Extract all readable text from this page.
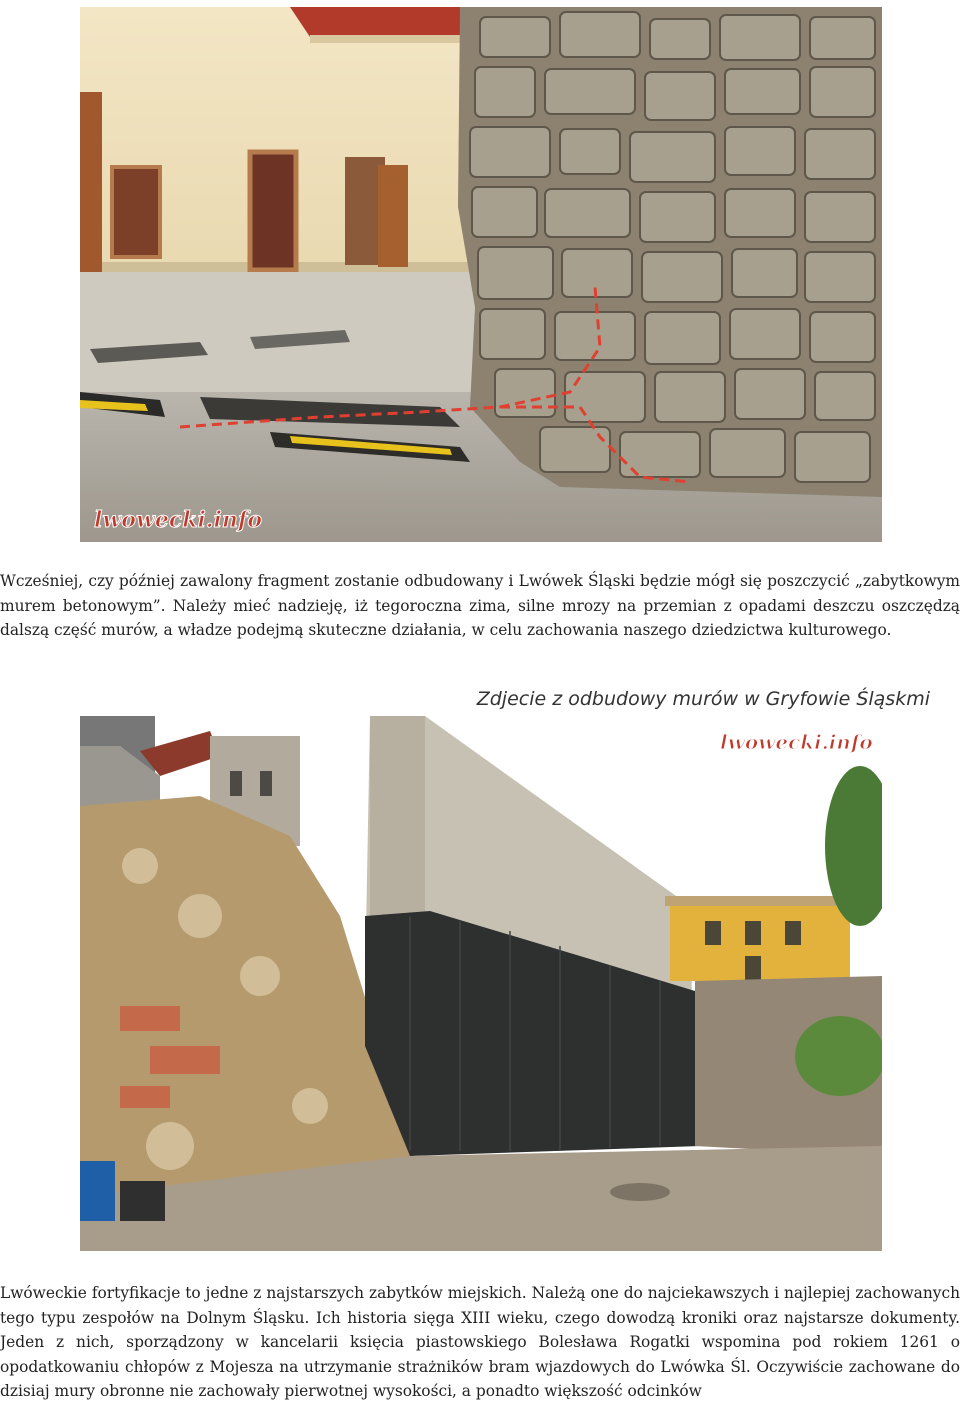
lwowecki.info

Wcześniej, czy później zawalony fragment zostanie odbudowany i Lwówek Śląski będzie mógł się poszczycić „zabytkowym murem betonowym”. Należy mieć nadzieję, iż tegoroczna zima, silne mrozy na przemian z opadami deszczu oszczędzą dalszą część murów, a władze podejmą skuteczne działania, w celu zachowania naszego dziedzictwa kulturowego.

Zdjecie z odbudowy murów w Gryfowie Śląskmi
lwowecki.info

Lwóweckie fortyfikacje to jedne z najstarszych zabytków miejskich. Należą one do najciekawszych i najlepiej zachowanych tego typu zespołów na Dolnym Śląsku. Ich historia sięga XIII wieku, czego dowodzą kroniki oraz najstarsze dokumenty. Jeden z nich, sporządzony w kancelarii księcia piastowskiego Bolesława Rogatki wspomina pod rokiem 1261 o opodatkowaniu chłopów z Mojesza na utrzymanie strażników bram wjazdowych do Lwówka Śl. Oczywiście zachowane do dzisiaj mury obronne nie zachowały pierwotnej wysokości, a ponadto większość odcinków
